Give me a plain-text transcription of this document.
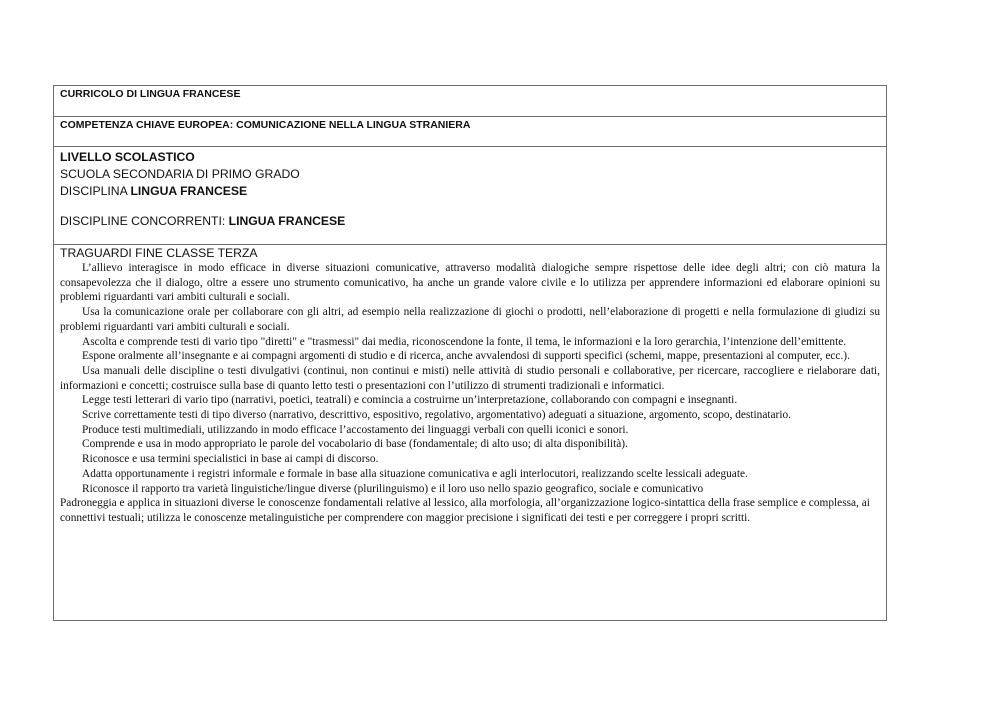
CURRICOLO DI LINGUA FRANCESE
COMPETENZA CHIAVE EUROPEA: COMUNICAZIONE NELLA LINGUA STRANIERA
LIVELLO SCOLASTICO
SCUOLA SECONDARIA DI PRIMO GRADO
DISCIPLINA LINGUA FRANCESE
DISCIPLINE CONCORRENTI: LINGUA FRANCESE
TRAGUARDI FINE CLASSE TERZA

L’allievo interagisce in modo efficace in diverse situazioni comunicative, attraverso modalità dialogiche sempre rispettose delle idee degli altri; con ciò matura la consapevolezza che il dialogo, oltre a essere uno strumento comunicativo, ha anche un grande valore civile e lo utilizza per apprendere informazioni ed elaborare opinioni su problemi riguardanti vari ambiti culturali e sociali.

Usa la comunicazione orale per collaborare con gli altri, ad esempio nella realizzazione di giochi o prodotti, nell’elaborazione di progetti e nella formulazione di giudizi su problemi riguardanti vari ambiti culturali e sociali.

Ascolta e comprende testi di vario tipo "diretti" e "trasmessi" dai media, riconoscendone la fonte, il tema, le informazioni e la loro gerarchia, l’intenzione dell’emittente.

Espone oralmente all’insegnante e ai compagni argomenti di studio e di ricerca, anche avvalendosi di supporti specifici (schemi, mappe, presentazioni al computer, ecc.).

Usa manuali delle discipline o testi divulgativi (continui, non continui e misti) nelle attività di studio personali e collaborative, per ricercare, raccogliere e rielaborare dati, informazioni e concetti; costruisce sulla base di quanto letto testi o presentazioni con l’utilizzo di strumenti tradizionali e informatici.

Legge testi letterari di vario tipo (narrativi, poetici, teatrali) e comincia a costruirne un’interpretazione, collaborando con compagni e insegnanti.

Scrive correttamente testi di tipo diverso (narrativo, descrittivo, espositivo, regolativo, argomentativo) adeguati a situazione, argomento, scopo, destinatario.

Produce testi multimediali, utilizzando in modo efficace l’accostamento dei linguaggi verbali con quelli iconici e sonori.

Comprende e usa in modo appropriato le parole del vocabolario di base (fondamentale; di alto uso; di alta disponibilità).

Riconosce e usa termini specialistici in base ai campi di discorso.

Adatta opportunamente i registri informale e formale in base alla situazione comunicativa e agli interlocutori, realizzando scelte lessicali adeguate.

Riconosce il rapporto tra varietà linguistiche/lingue diverse (plurilinguismo) e il loro uso nello spazio geografico, sociale e comunicativo

Padroneggia e applica in situazioni diverse le conoscenze fondamentali relative al lessico, alla morfologia, all’organizzazione logico-sintattica della frase semplice e complessa, ai connettivi testuali; utilizza le conoscenze metalinguistiche per comprendere con maggior precisione i significati dei testi e per correggere i propri scritti.
